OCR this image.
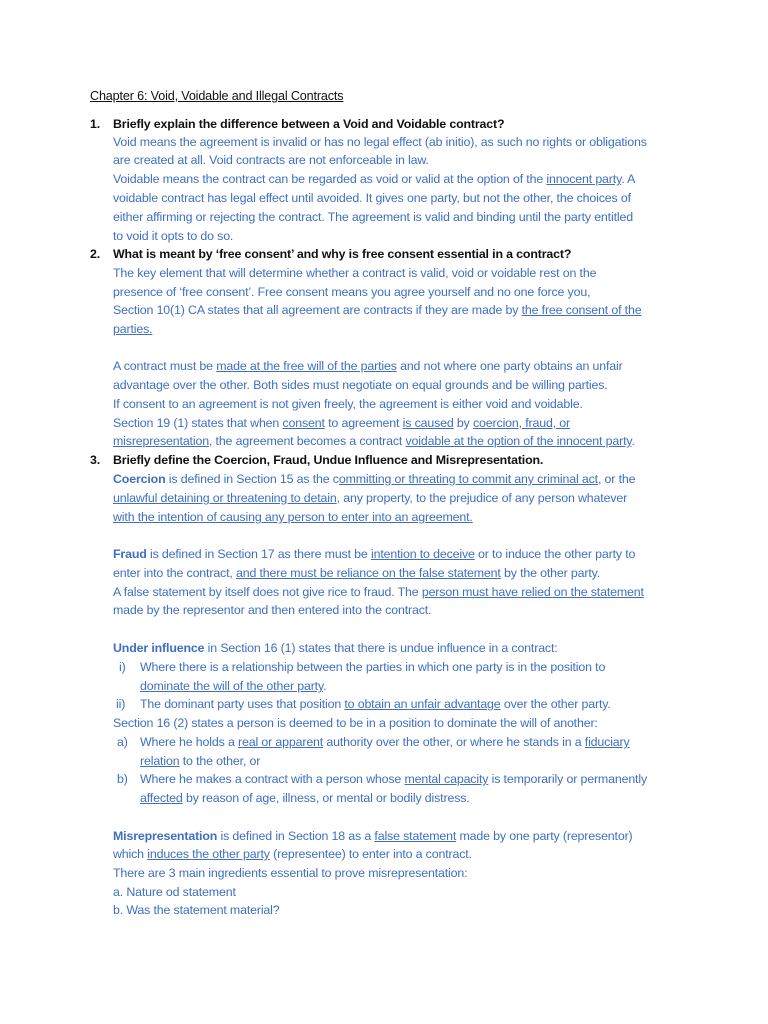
Chapter 6: Void, Voidable and Illegal Contracts
1. Briefly explain the difference between a Void and Voidable contract?
Void means the agreement is invalid or has no legal effect (ab initio), as such no rights or obligations
are created at all. Void contracts are not enforceable in law.
Voidable means the contract can be regarded as void or valid at the option of the innocent party. A
voidable contract has legal effect until avoided. It gives one party, but not the other, the choices of
either affirming or rejecting the contract. The agreement is valid and binding until the party entitled
to void it opts to do so.
2. What is meant by ‘free consent’ and why is free consent essential in a contract?
The key element that will determine whether a contract is valid, void or voidable rest on the
presence of ‘free consent’. Free consent means you agree yourself and no one force you,
Section 10(1) CA states that all agreement are contracts if they are made by the free consent of the
parties.
A contract must be made at the free will of the parties and not where one party obtains an unfair
advantage over the other. Both sides must negotiate on equal grounds and be willing parties.
If consent to an agreement is not given freely, the agreement is either void and voidable.
Section 19 (1) states that when consent to agreement is caused by coercion, fraud, or
misrepresentation, the agreement becomes a contract voidable at the option of the innocent party.
3. Briefly define the Coercion, Fraud, Undue Influence and Misrepresentation.
Coercion is defined in Section 15 as the committing or threating to commit any criminal act, or the
unlawful detaining or threatening to detain, any property, to the prejudice of any person whatever
with the intention of causing any person to enter into an agreement.
Fraud is defined in Section 17 as there must be intention to deceive or to induce the other party to
enter into the contract, and there must be reliance on the false statement by the other party.
A false statement by itself does not give rice to fraud. The person must have relied on the statement
made by the representor and then entered into the contract.
Under influence in Section 16 (1) states that there is undue influence in a contract:
i) Where there is a relationship between the parties in which one party is in the position to
dominate the will of the other party.
ii) The dominant party uses that position to obtain an unfair advantage over the other party.
Section 16 (2) states a person is deemed to be in a position to dominate the will of another:
a) Where he holds a real or apparent authority over the other, or where he stands in a fiduciary
relation to the other, or
b) Where he makes a contract with a person whose mental capacity is temporarily or permanently
affected by reason of age, illness, or mental or bodily distress.
Misrepresentation is defined in Section 18 as a false statement made by one party (representor)
which induces the other party (representee) to enter into a contract.
There are 3 main ingredients essential to prove misrepresentation:
a. Nature od statement
b. Was the statement material?
